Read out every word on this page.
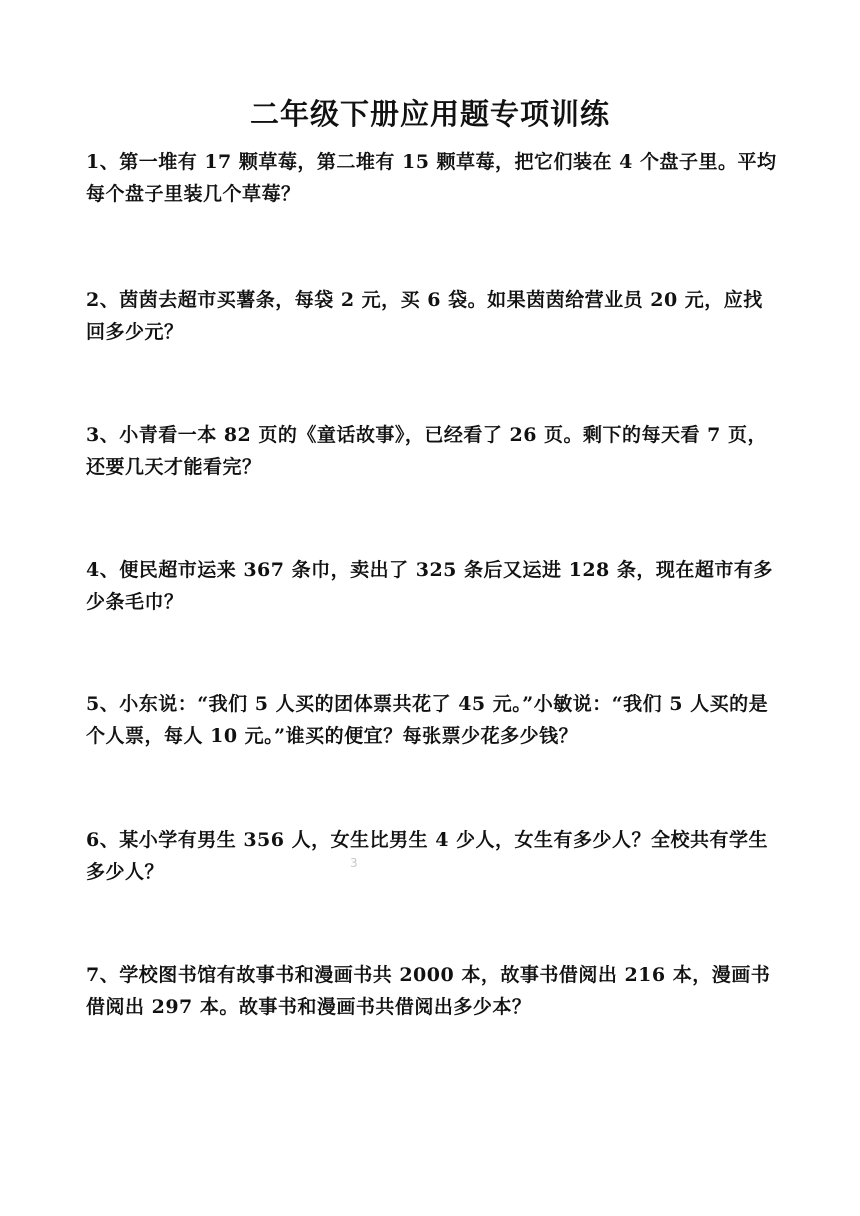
二年级下册应用题专项训练

1、第一堆有 17 颗草莓，第二堆有 15 颗草莓，把它们装在 4 个盘子里。平均每个盘子里装几个草莓？

2、茵茵去超市买薯条，每袋 2 元，买 6 袋。如果茵茵给营业员 20 元，应找回多少元？

3、小青看一本 82 页的《童话故事》，已经看了 26 页。剩下的每天看 7 页，还要几天才能看完？

4、便民超市运来 367 条巾，卖出了 325 条后又运进 128 条，现在超市有多少条毛巾？

5、小东说：“我们 5 人买的团体票共花了 45 元。”小敏说：“我们 5 人买的是个人票，每人 10 元。”谁买的便宜？每张票少花多少钱？

6、某小学有男生 356 人，女生比男生 4 少人，女生有多少人？全校共有学生多少人？	3

7、学校图书馆有故事书和漫画书共 2000 本，故事书借阅出 216 本，漫画书借阅出 297 本。故事书和漫画书共借阅出多少本？
